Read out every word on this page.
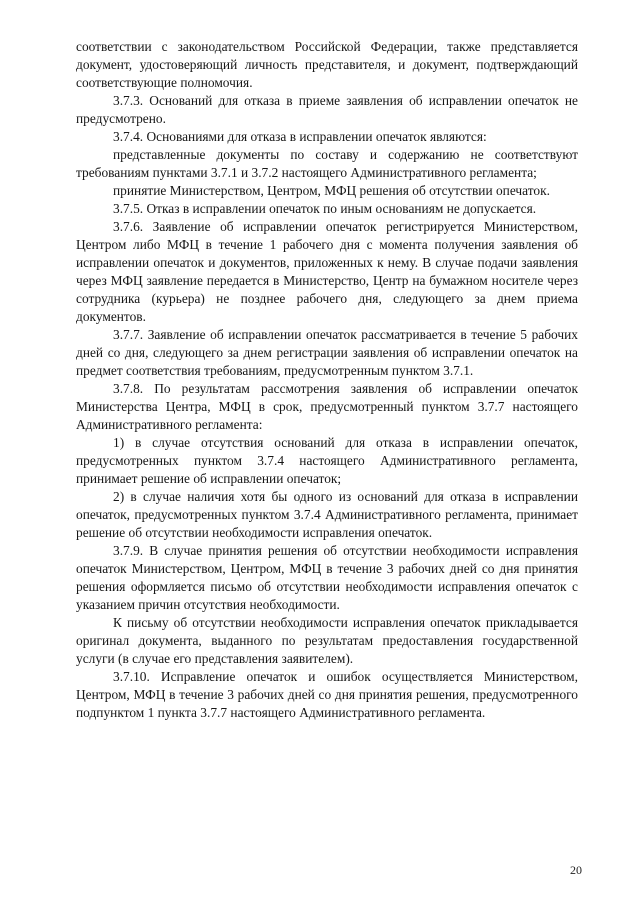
соответствии с законодательством Российской Федерации, также представляется документ, удостоверяющий личность представителя, и документ, подтверждающий соответствующие полномочия.

3.7.3. Оснований для отказа в приеме заявления об исправлении опечаток не предусмотрено.

3.7.4. Основаниями для отказа в исправлении опечаток являются:

представленные документы по составу и содержанию не соответствуют требованиям пунктами 3.7.1 и 3.7.2 настоящего Административного регламента;

принятие Министерством, Центром, МФЦ решения об отсутствии опечаток.

3.7.5. Отказ в исправлении опечаток по иным основаниям не допускается.

3.7.6. Заявление об исправлении опечаток регистрируется Министерством, Центром либо МФЦ в течение 1 рабочего дня с момента получения заявления об исправлении опечаток и документов, приложенных к нему. В случае подачи заявления через МФЦ заявление передается в Министерство, Центр на бумажном носителе через сотрудника (курьера) не позднее рабочего дня, следующего за днем приема документов.

3.7.7. Заявление об исправлении опечаток рассматривается в течение 5 рабочих дней со дня, следующего за днем регистрации заявления об исправлении опечаток на предмет соответствия требованиям, предусмотренным пунктом 3.7.1.

3.7.8. По результатам рассмотрения заявления об исправлении опечаток Министерства Центра, МФЦ в срок, предусмотренный пунктом 3.7.7 настоящего Административного регламента:

1) в случае отсутствия оснований для отказа в исправлении опечаток, предусмотренных пунктом 3.7.4 настоящего Административного регламента, принимает решение об исправлении опечаток;

2) в случае наличия хотя бы одного из оснований для отказа в исправлении опечаток, предусмотренных пунктом 3.7.4 Административного регламента, принимает решение об отсутствии необходимости исправления опечаток.

3.7.9. В случае принятия решения об отсутствии необходимости исправления опечаток Министерством, Центром, МФЦ в течение 3 рабочих дней со дня принятия решения оформляется письмо об отсутствии необходимости исправления опечаток с указанием причин отсутствия необходимости.

К письму об отсутствии необходимости исправления опечаток прикладывается оригинал документа, выданного по результатам предоставления государственной услуги (в случае его представления заявителем).

3.7.10. Исправление опечаток и ошибок осуществляется Министерством, Центром, МФЦ в течение 3 рабочих дней со дня принятия решения, предусмотренного подпунктом 1 пункта 3.7.7 настоящего Административного регламента.

20
